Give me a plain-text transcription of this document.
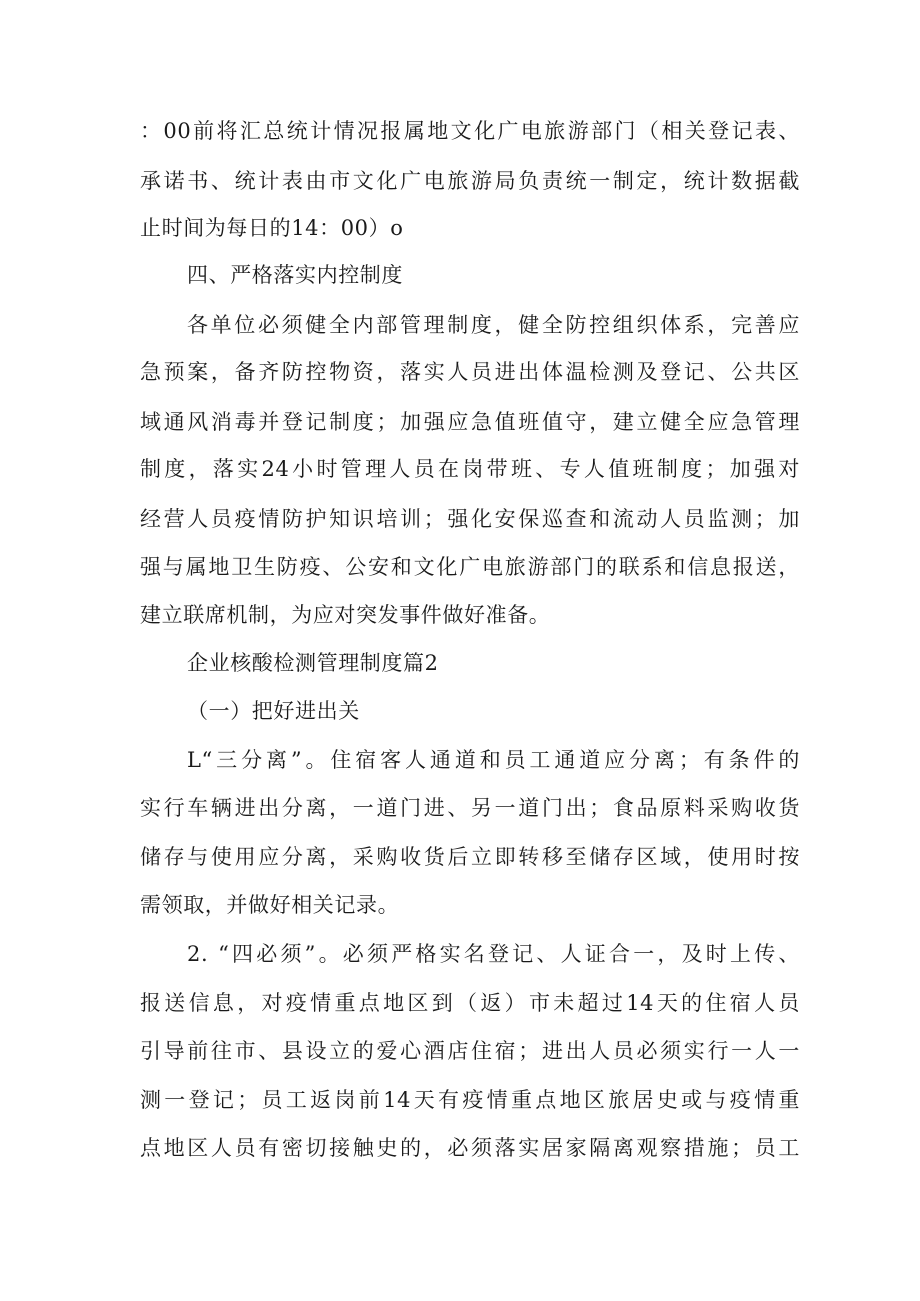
：00前将汇总统计情况报属地文化广电旅游部门（相关登记表、
承诺书、统计表由市文化广电旅游局负责统一制定，统计数据截
止时间为每日的14：00）o
四、严格落实内控制度
各单位必须健全内部管理制度，健全防控组织体系，完善应
急预案，备齐防控物资，落实人员进出体温检测及登记、公共区
域通风消毒并登记制度；加强应急值班值守，建立健全应急管理
制度，落实24小时管理人员在岗带班、专人值班制度；加强对
经营人员疫情防护知识培训；强化安保巡查和流动人员监测；加
强与属地卫生防疫、公安和文化广电旅游部门的联系和信息报送，
建立联席机制，为应对突发事件做好准备。
企业核酸检测管理制度篇2
（一）把好进出关
L“三分离”。住宿客人通道和员工通道应分离；有条件的
实行车辆进出分离，一道门进、另一道门出；食品原料采购收货
储存与使用应分离，采购收货后立即转移至储存区域，使用时按
需领取，并做好相关记录。
2. “四必须”。必须严格实名登记、人证合一，及时上传、
报送信息，对疫情重点地区到（返）市未超过14天的住宿人员
引导前往市、县设立的爱心酒店住宿；进出人员必须实行一人一
测一登记；员工返岗前14天有疫情重点地区旅居史或与疫情重
点地区人员有密切接触史的，必须落实居家隔离观察措施；员工
